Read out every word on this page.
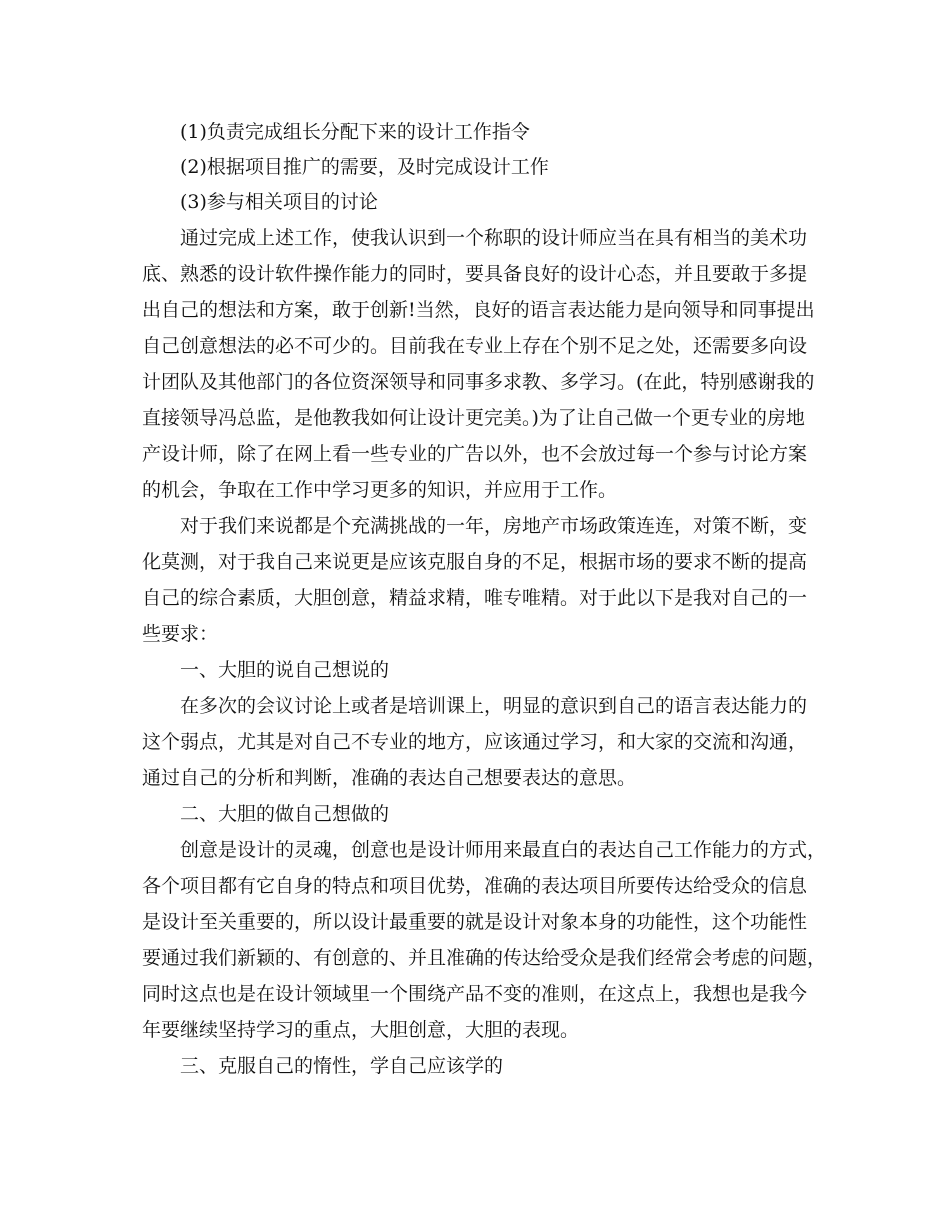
(1)负责完成组长分配下来的设计工作指令
(2)根据项目推广的需要，及时完成设计工作
(3)参与相关项目的讨论
通过完成上述工作，使我认识到一个称职的设计师应当在具有相当的美术功
底、熟悉的设计软件操作能力的同时，要具备良好的设计心态，并且要敢于多提
出自己的想法和方案，敢于创新!当然，良好的语言表达能力是向领导和同事提出
自己创意想法的必不可少的。目前我在专业上存在个别不足之处，还需要多向设
计团队及其他部门的各位资深领导和同事多求教、多学习。(在此，特别感谢我的
直接领导冯总监，是他教我如何让设计更完美。)为了让自己做一个更专业的房地
产设计师，除了在网上看一些专业的广告以外，也不会放过每一个参与讨论方案
的机会，争取在工作中学习更多的知识，并应用于工作。
对于我们来说都是个充满挑战的一年，房地产市场政策连连，对策不断，变
化莫测，对于我自己来说更是应该克服自身的不足，根据市场的要求不断的提高
自己的综合素质，大胆创意，精益求精，唯专唯精。对于此以下是我对自己的一
些要求：
一、大胆的说自己想说的
在多次的会议讨论上或者是培训课上，明显的意识到自己的语言表达能力的
这个弱点，尤其是对自己不专业的地方，应该通过学习，和大家的交流和沟通，
通过自己的分析和判断，准确的表达自己想要表达的意思。
二、大胆的做自己想做的
创意是设计的灵魂，创意也是设计师用来最直白的表达自己工作能力的方式，
各个项目都有它自身的特点和项目优势，准确的表达项目所要传达给受众的信息
是设计至关重要的，所以设计最重要的就是设计对象本身的功能性，这个功能性
要通过我们新颖的、有创意的、并且准确的传达给受众是我们经常会考虑的问题，
同时这点也是在设计领域里一个围绕产品不变的准则，在这点上，我想也是我今
年要继续坚持学习的重点，大胆创意，大胆的表现。
三、克服自己的惰性，学自己应该学的
